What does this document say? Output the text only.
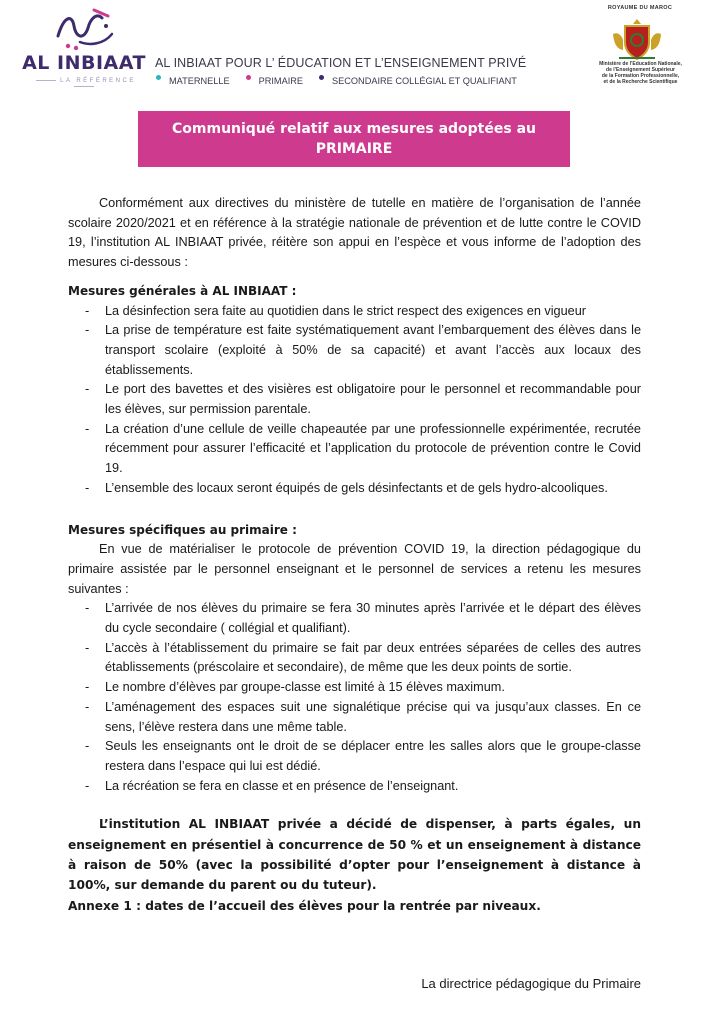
AL INBIAAT
LA RÉFÉRENCE
AL INBIAAT POUR L’ ÉDUCATION ET L’ENSEIGNEMENT PRIVÉ
MATERNELLE	PRIMAIRE	SECONDAIRE COLLÉGIAL ET QUALIFIANT
ROYAUME DU MAROC
Ministère de l’Education Nationale,
de l’Enseignement Supérieur
de la Formation Professionnelle,
et de la Recherche Scientifique
Communiqué relatif aux mesures adoptées au
PRIMAIRE

Conformément aux directives du ministère de tutelle en matière de l’organisation de l’année scolaire 2020/2021 et en référence à la stratégie nationale de prévention et de lutte contre le COVID 19, l’institution AL INBIAAT privée, réitère son appui en l’espèce et vous informe de l’adoption des mesures ci-dessous :

Mesures générales à AL INBIAAT :

- La désinfection sera faite au quotidien dans le strict respect des exigences en vigueur
- La prise de température est faite systématiquement avant l’embarquement des élèves dans le transport scolaire (exploité à 50% de sa capacité) et avant l’accès aux locaux des établissements.
- Le port des bavettes et des visières est obligatoire pour le personnel et recommandable pour les élèves, sur permission parentale.
- La création d’une cellule de veille chapeautée par une professionnelle expérimentée, recrutée récemment pour assurer l’efficacité et l’application du protocole de prévention contre le Covid 19.
- L’ensemble des locaux seront équipés de gels désinfectants et de gels hydro-alcooliques.

Mesures spécifiques au primaire :

En vue de matérialiser le protocole de prévention COVID 19, la direction pédagogique du primaire assistée par le personnel enseignant et le personnel de services a retenu les mesures suivantes :

- L’arrivée de nos élèves du primaire se fera 30 minutes après l’arrivée et le départ des élèves du cycle secondaire ( collégial et qualifiant).
- L’accès à l’établissement du primaire se fait par deux entrées séparées de celles des autres établissements (préscolaire et secondaire), de même que les deux points de sortie.
- Le nombre d’élèves par groupe-classe est limité à 15 élèves maximum.
- L’aménagement des espaces suit une signalétique précise qui va jusqu’aux classes. En ce sens, l’élève restera dans une même table.
- Seuls les enseignants ont le droit de se déplacer entre les salles alors que le groupe-classe restera dans l’espace qui lui est dédié.
- La récréation se fera en classe et en présence de l’enseignant.

L’institution AL INBIAAT privée a décidé de dispenser, à parts égales, un enseignement en présentiel à concurrence de 50 % et un enseignement à distance à raison de 50% (avec la possibilité d’opter pour l’enseignement à distance à 100%, sur demande du parent ou du tuteur).

Annexe 1 : dates de l’accueil des élèves pour la rentrée par niveaux.

La directrice pédagogique du Primaire
